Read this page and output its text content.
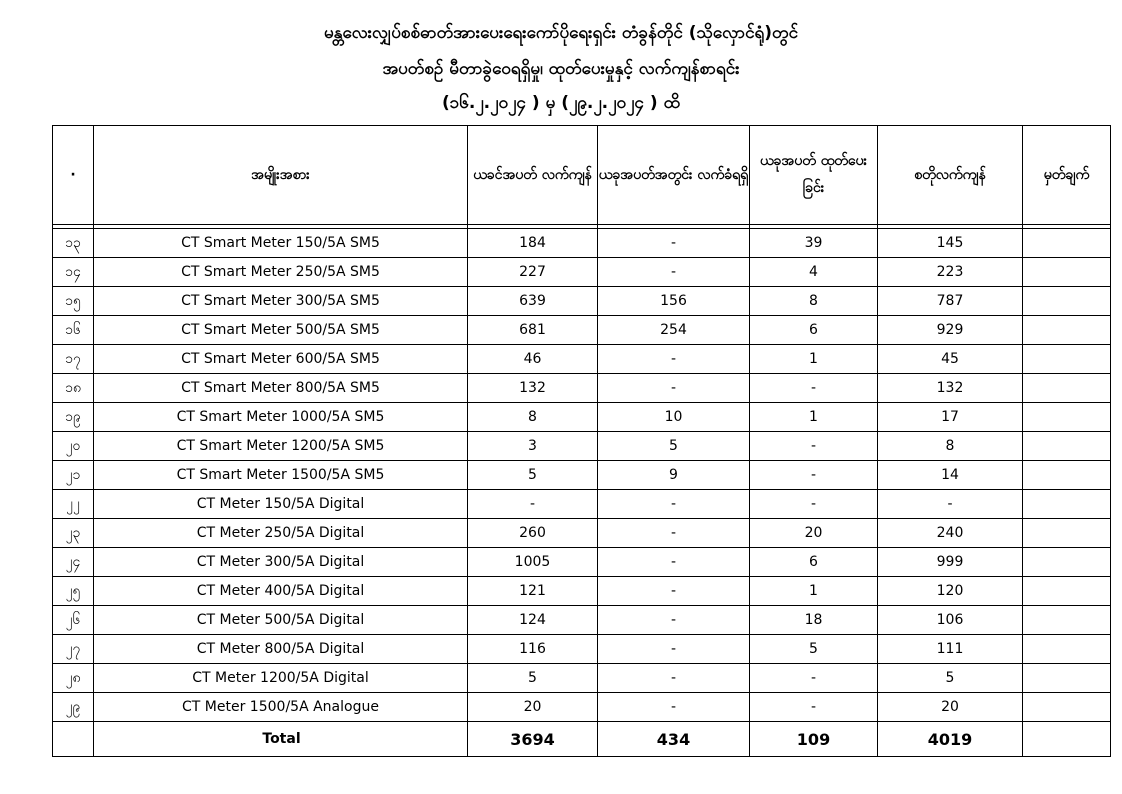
မန္တလေးလျှပ်စစ်ဓာတ်အားပေးရေးကော်ပိုရေးရှင်း တံခွန်တိုင် (သိုလှောင်ရုံ)တွင်
အပတ်စဉ် မီတာခွဲဝေရရှိမှု၊ ထုတ်ပေးမှုနှင့် လက်ကျန်စာရင်း
(၁၆.၂.၂၀၂၄ ) မှ (၂၉.၂.၂၀၂၄ ) ထိ
·	အမျိုးအစား	ယခင်အပတ် လက်ကျန်	ယခုအပတ်အတွင်း လက်ခံရရှိ	ယခုအပတ် ထုတ်ပေးခြင်း	စတိုလက်ကျန်	မှတ်ချက်

၁၃	CT Smart Meter 150/5A SM5	184	-	39	145	
၁၄	CT Smart Meter 250/5A SM5	227	-	4	223	
၁၅	CT Smart Meter 300/5A SM5	639	156	8	787	
၁၆	CT Smart Meter 500/5A SM5	681	254	6	929	
၁၇	CT Smart Meter 600/5A SM5	46	-	1	45	
၁၈	CT Smart Meter 800/5A SM5	132	-	-	132	
၁၉	CT Smart Meter 1000/5A SM5	8	10	1	17	
၂၀	CT Smart Meter 1200/5A SM5	3	5	-	8	
၂၁	CT Smart Meter 1500/5A SM5	5	9	-	14	
၂၂	CT Meter 150/5A Digital	-	-	-	-	
၂၃	CT Meter 250/5A Digital	260	-	20	240	
၂၄	CT Meter 300/5A Digital	1005	-	6	999	
၂၅	CT Meter 400/5A Digital	121	-	1	120	
၂၆	CT Meter 500/5A Digital	124	-	18	106	
၂၇	CT Meter 800/5A Digital	116	-	5	111	
၂၈	CT Meter 1200/5A Digital	5	-	-	5	
၂၉	CT Meter 1500/5A Analogue	20	-	-	20	
	Total	3694	434	109	4019	
